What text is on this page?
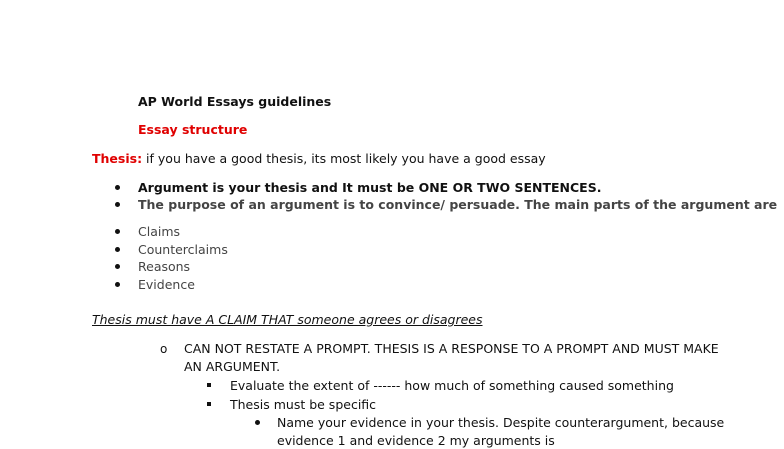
AP World Essays guidelines
Essay structure
Thesis: if you have a good thesis, its most likely you have a good essay
Argument is your thesis and It must be ONE OR TWO SENTENCES.
The purpose of an argument is to convince/ persuade. The main parts of the argument are
Claims
Counterclaims
Reasons
Evidence
Thesis must have A CLAIM THAT someone agrees or disagrees
o CAN NOT RESTATE A PROMPT. THESIS IS A RESPONSE TO A PROMPT AND MUST MAKE
AN ARGUMENT.
Evaluate the extent of ------ how much of something caused something
Thesis must be specific
Name your evidence in your thesis. Despite counterargument, because
evidence 1 and evidence 2 my arguments is
